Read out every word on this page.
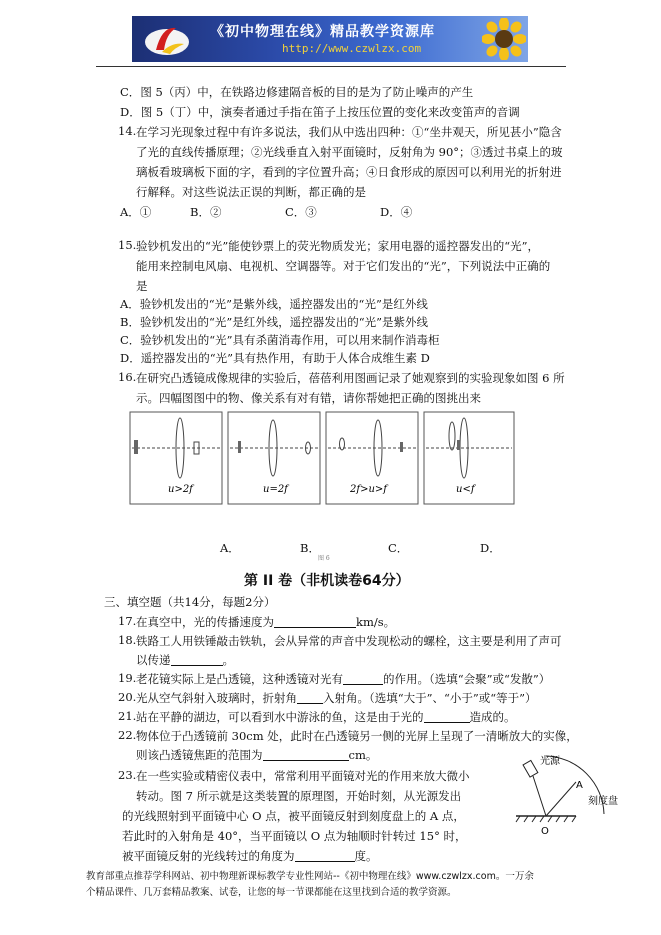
《初中物理在线》精品教学资源库
http://www.czwlzx.com
C．图 5（丙）中，在铁路边修建隔音板的目的是为了防止噪声的产生
D．图 5（丁）中，演奏者通过手指在笛子上按压位置的变化来改变笛声的音调
14. 在学习光现象过程中有许多说法，我们从中选出四种：①“坐井观天，所见甚小”隐含
了光的直线传播原理；②光线垂直入射平面镜时，反射角为 90°；③透过书桌上的玻
璃板看玻璃板下面的字，看到的字位置升高；④日食形成的原因可以利用光的折射进
行解释。对这些说法正误的判断，都正确的是
A．①	B．②	C．③	D．④
15. 验钞机发出的“光”能使钞票上的荧光物质发光；家用电器的遥控器发出的“光”，
能用来控制电风扇、电视机、空调器等。对于它们发出的“光”，下列说法中正确的
是
A．验钞机发出的“光”是紫外线，遥控器发出的“光”是红外线
B．验钞机发出的“光”是红外线，遥控器发出的“光”是紫外线
C．验钞机发出的“光”具有杀菌消毒作用，可以用来制作消毒柜
D．遥控器发出的“光”具有热作用，有助于人体合成维生素 D
16. 在研究凸透镜成像规律的实验后，蓓蓓利用图画记录了她观察到的实验现象如图 6 所
示。四幅图图中的物、像关系有对有错，请你帮她把正确的图挑出来
u>2f	u=2f	2f>u>f	u<f
A．	B．	C．	D．
图 6
第 II 卷（非机读卷64分）
三、填空题（共14分，每题2分）
17. 在真空中，光的传播速度为	km/s。
18. 铁路工人用铁锤敲击铁轨，会从异常的声音中发现松动的螺栓，这主要是利用了声可
以传递	。
19. 老花镜实际上是凸透镜，这种透镜对光有	的作用。（选填“会聚”或“发散”）
20. 光从空气斜射入玻璃时，折射角 入射角。（选填“大于”、“小于”或“等于”）
21. 站在平静的湖边，可以看到水中游泳的鱼，这是由于光的	造成的。
22. 物体位于凸透镜前 30cm 处，此时在凸透镜另一侧的光屏上呈现了一清晰放大的实像，
则该凸透镜焦距的范围为	cm。
23. 在一些实验或精密仪表中，常常利用平面镜对光的作用来放大微小
转动。图 7 所示就是这类装置的原理图，开始时刻，从光源发出
的光线照射到平面镜中心 O 点，被平面镜反射到刻度盘上的 A 点，
若此时的入射角是 40°，当平面镜以 O 点为轴顺时针转过 15° 时，
被平面镜反射的光线转过的角度为	度。
光源
A
刻度盘
O
教育部重点推荐学科网站、初中物理新课标教学专业性网站--《初中物理在线》www.czwlzx.com。一万余
个精品课件、几万套精品教案、试卷，让您的每一节课都能在这里找到合适的教学资源。
